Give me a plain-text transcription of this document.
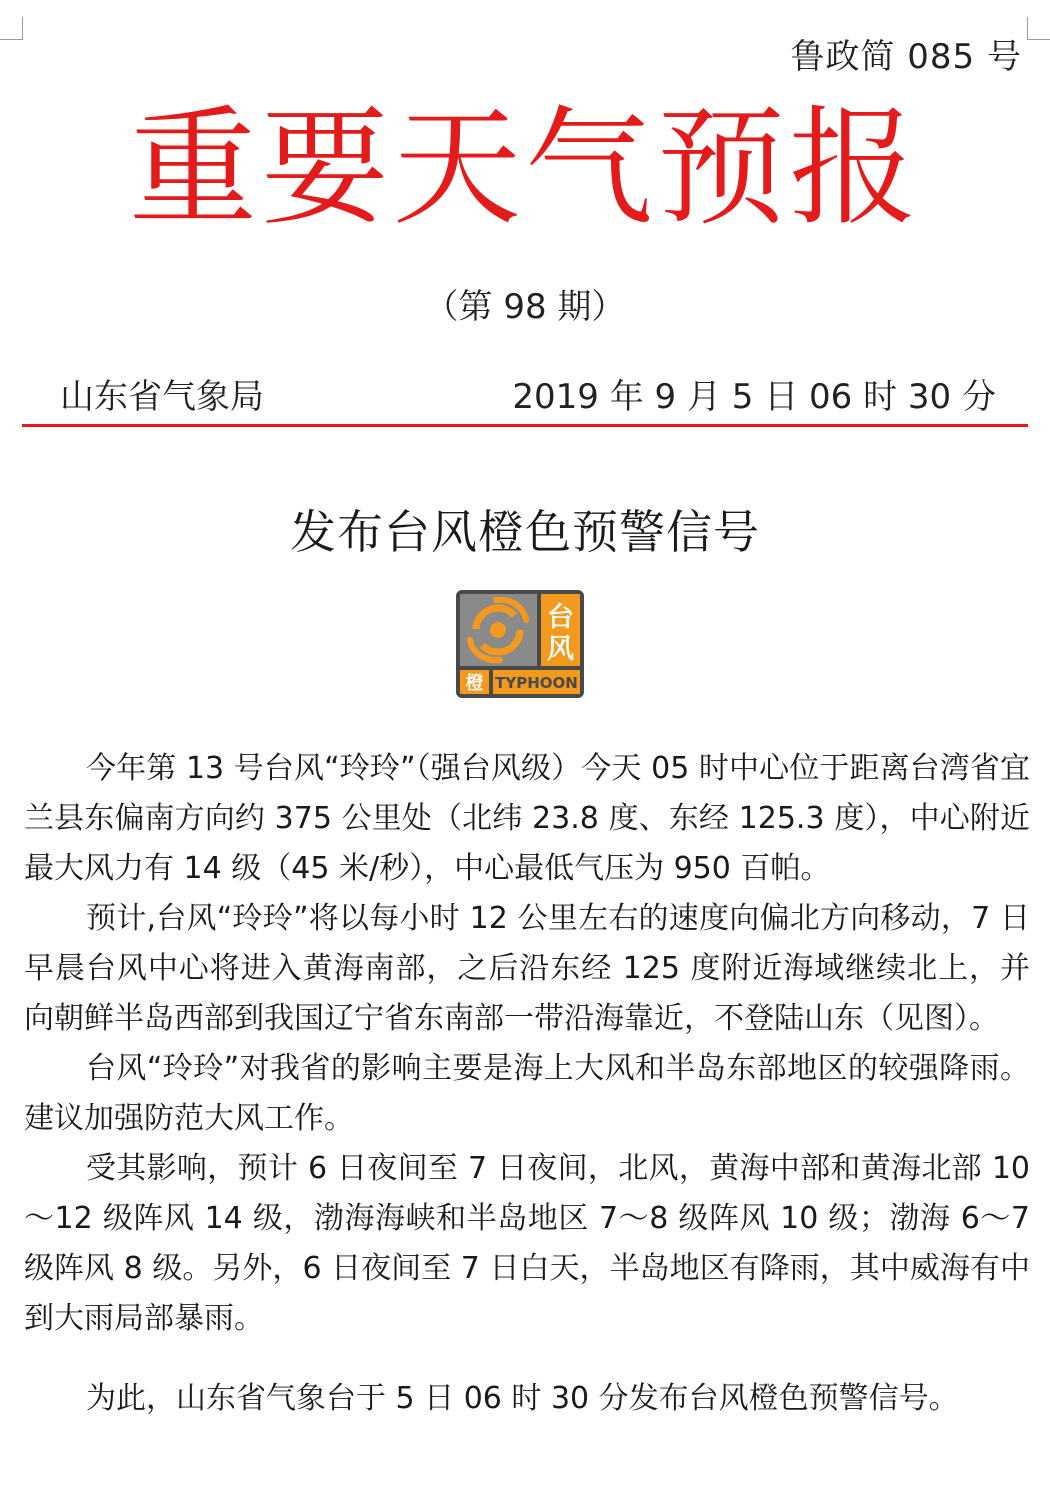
鲁政简 085 号
重要天气预报
（第 98 期）
山东省气象局	2019 年 9 月 5 日 06 时 30 分
发布台风橙色预警信号
台
风
橙 TYPHOON

今年第 13 号台风“玲玲”（强台风级）今天 05 时中心位于距离台湾省宜兰县东偏南方向约 375 公里处（北纬 23.8 度、东经 125.3 度），中心附近最大风力有 14 级（45 米/秒），中心最低气压为 950 百帕。

预计,台风“玲玲”将以每小时 12 公里左右的速度向偏北方向移动，7 日早晨台风中心将进入黄海南部，之后沿东经 125 度附近海域继续北上，并向朝鲜半岛西部到我国辽宁省东南部一带沿海靠近，不登陆山东（见图）。

台风“玲玲”对我省的影响主要是海上大风和半岛东部地区的较强降雨。建议加强防范大风工作。

受其影响，预计 6 日夜间至 7 日夜间，北风，黄海中部和黄海北部 10～12 级阵风 14 级，渤海海峡和半岛地区 7～8 级阵风 10 级；渤海 6～7 级阵风 8 级。另外，6 日夜间至 7 日白天，半岛地区有降雨，其中威海有中到大雨局部暴雨。

为此，山东省气象台于 5 日 06 时 30 分发布台风橙色预警信号。
